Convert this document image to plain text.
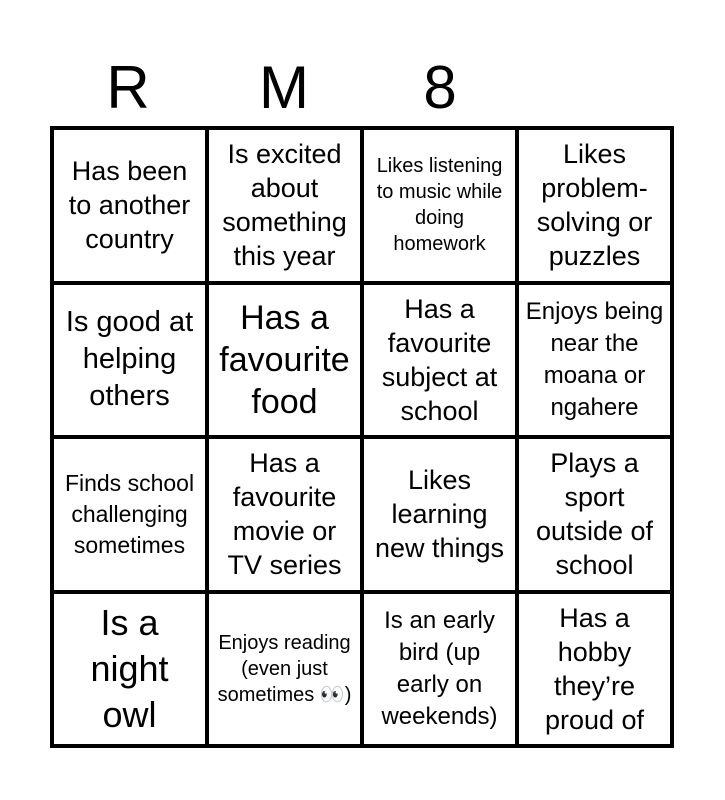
R	M	8
Has been to another country
Is excited about something this year
Likes listening to music while doing homework
Likes problem-solving or puzzles
Is good at helping others
Has a favourite food
Has a favourite subject at school
Enjoys being near the moana or ngahere
Finds school challenging sometimes
Has a favourite movie or TV series
Likes learning new things
Plays a sport outside of school
Is a night owl
Enjoys reading (even just sometimes 👀)
Is an early bird (up early on weekends)
Has a hobby they’re proud of
